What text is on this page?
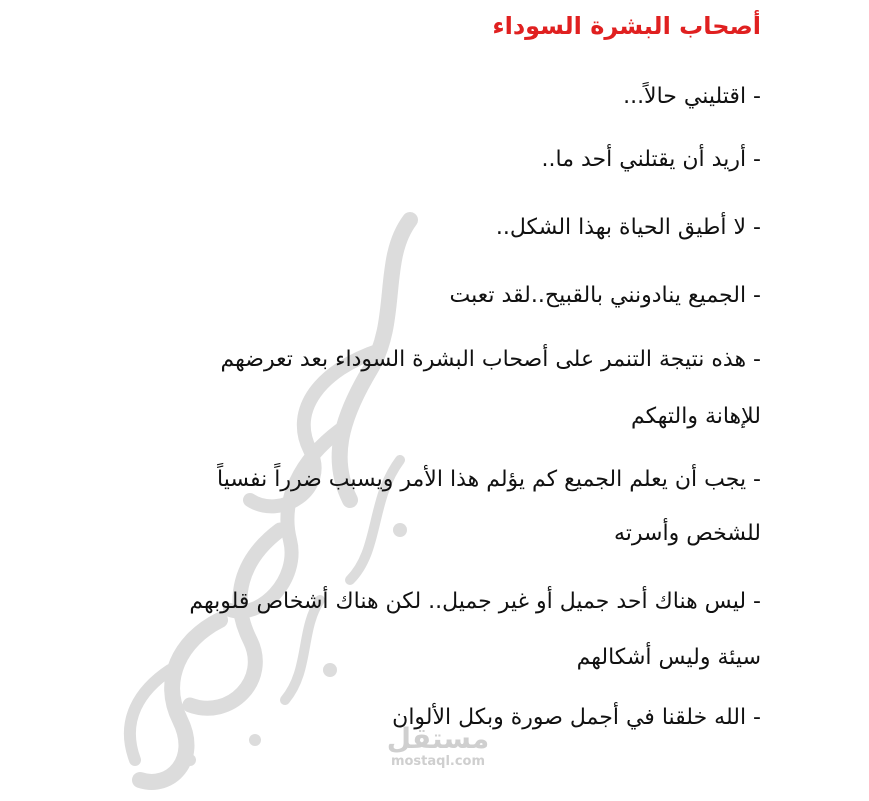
أصحاب البشرة السوداء

- اقتليني حالاً...

- أريد أن يقتلني أحد ما..

- لا أطيق الحياة بهذا الشكل..

- الجميع ينادونني بالقبيح..لقد تعبت

- هذه نتيجة التنمر على أصحاب البشرة السوداء بعد تعرضهم

للإهانة والتهكم

- يجب أن يعلم الجميع كم يؤلم هذا الأمر ويسبب ضرراً نفسياً

للشخص وأسرته

- ليس هناك أحد جميل أو غير جميل.. لكن هناك أشخاص قلوبهم

سيئة وليس أشكالهم

- الله خلقنا في أجمل صورة وبكل الألوان

مستقل
mostaql.com
